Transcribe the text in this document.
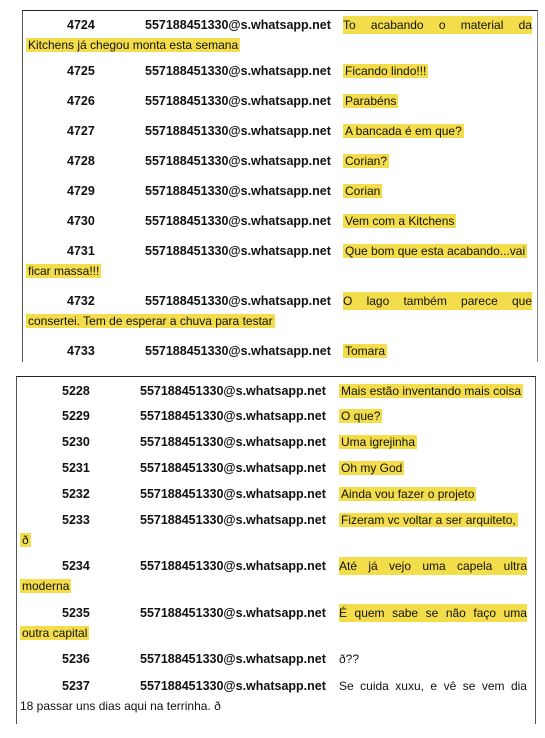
4724	557188451330@s.whatsapp.net To acabando o material da
Kitchens já chegou monta esta semana
4725	557188451330@s.whatsapp.net Ficando lindo!!!
4726	557188451330@s.whatsapp.net Parabéns
4727	557188451330@s.whatsapp.net A bancada é em que?
4728	557188451330@s.whatsapp.net Corian?
4729	557188451330@s.whatsapp.net Corian
4730	557188451330@s.whatsapp.net Vem com a Kitchens
4731	557188451330@s.whatsapp.net Que bom que esta acabando...vai
ficar massa!!!
4732	557188451330@s.whatsapp.net O lago também parece que
consertei. Tem de esperar a chuva para testar
4733	557188451330@s.whatsapp.net Tomara
5228	557188451330@s.whatsapp.net Mais estão inventando mais coisa
5229	557188451330@s.whatsapp.net O que?
5230	557188451330@s.whatsapp.net Uma igrejinha
5231	557188451330@s.whatsapp.net Oh my God
5232	557188451330@s.whatsapp.net Ainda vou fazer o projeto
5233	557188451330@s.whatsapp.net Fizeram vc voltar a ser arquiteto,
ð
5234	557188451330@s.whatsapp.net Até já vejo uma capela ultra
moderna
5235	557188451330@s.whatsapp.net É quem sabe se não faço uma
outra capital
5236	557188451330@s.whatsapp.net ð??
5237	557188451330@s.whatsapp.net Se cuida xuxu, e vê se vem dia
18 passar uns dias aqui na terrinha. ð
